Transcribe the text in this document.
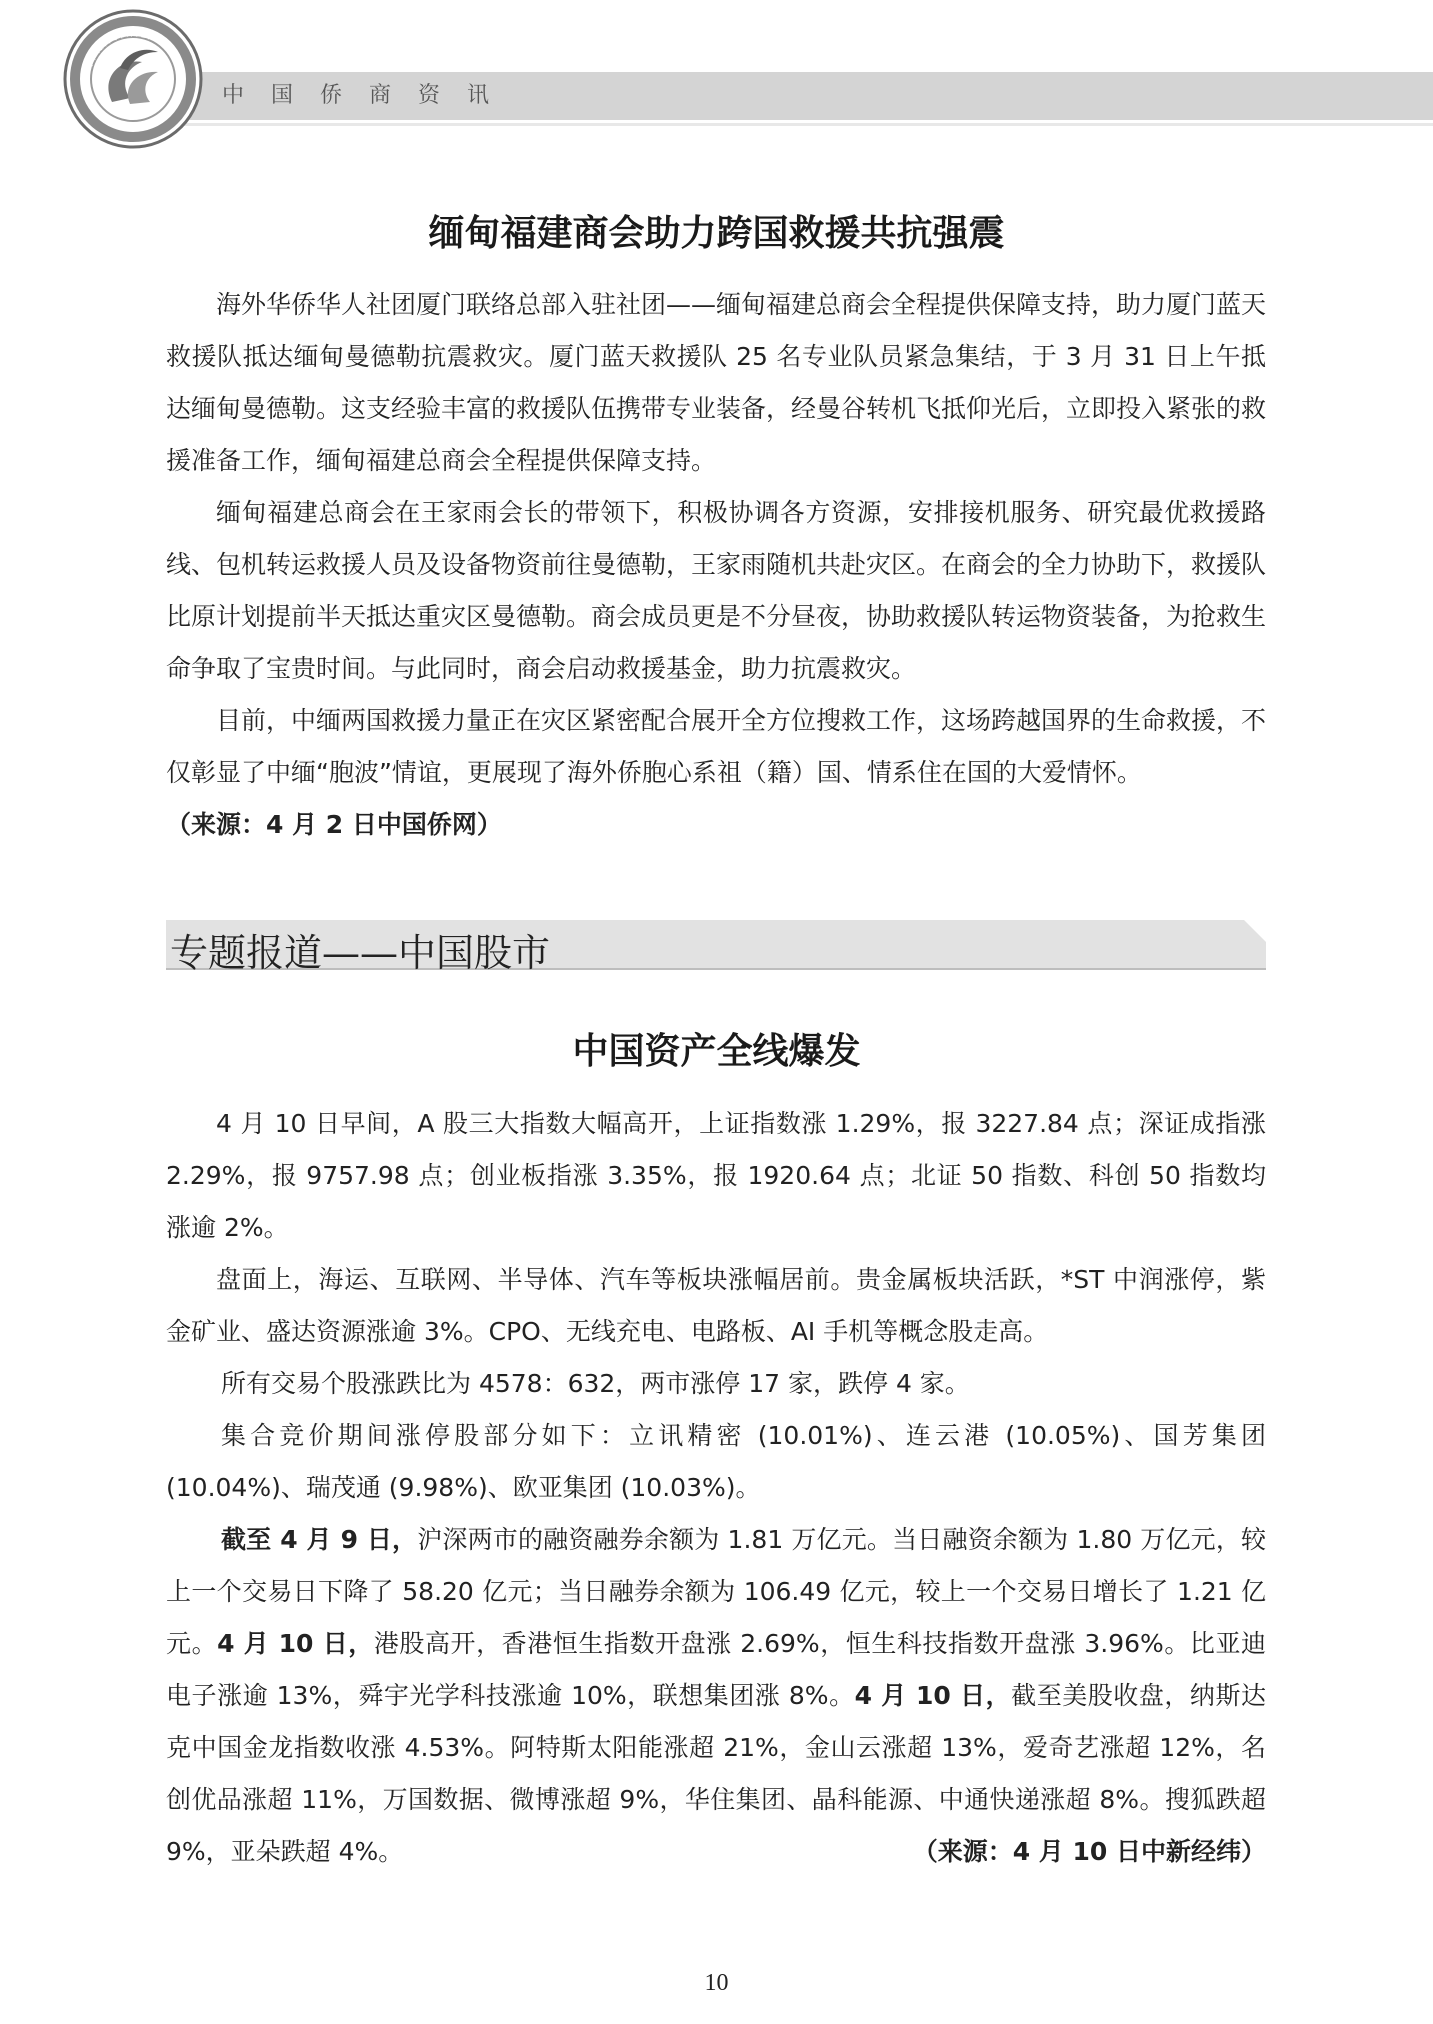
中国侨商资讯
中国侨商联合会
缅甸福建商会助力跨国救援共抗强震

海外华侨华人社团厦门联络总部入驻社团——缅甸福建总商会全程提供保障支持，助力厦门蓝天救援队抵达缅甸曼德勒抗震救灾。厦门蓝天救援队 25 名专业队员紧急集结，于 3 月 31 日上午抵达缅甸曼德勒。这支经验丰富的救援队伍携带专业装备，经曼谷转机飞抵仰光后，立即投入紧张的救援准备工作，缅甸福建总商会全程提供保障支持。

缅甸福建总商会在王家雨会长的带领下，积极协调各方资源，安排接机服务、研究最优救援路线、包机转运救援人员及设备物资前往曼德勒，王家雨随机共赴灾区。在商会的全力协助下，救援队比原计划提前半天抵达重灾区曼德勒。商会成员更是不分昼夜，协助救援队转运物资装备，为抢救生命争取了宝贵时间。与此同时，商会启动救援基金，助力抗震救灾。

目前，中缅两国救援力量正在灾区紧密配合展开全方位搜救工作，这场跨越国界的生命救援，不仅彰显了中缅“胞波”情谊，更展现了海外侨胞心系祖（籍）国、情系住在国的大爱情怀。

（来源：4 月 2 日中国侨网）

专题报道——中国股市
中国资产全线爆发

4 月 10 日早间，A 股三大指数大幅高开，上证指数涨 1.29%，报 3227.84 点；深证成指涨 2.29%，报 9757.98 点；创业板指涨 3.35%，报 1920.64 点；北证 50 指数、科创 50 指数均涨逾 2%。

盘面上，海运、互联网、半导体、汽车等板块涨幅居前。贵金属板块活跃，*ST 中润涨停，紫金矿业、盛达资源涨逾 3%。CPO、无线充电、电路板、AI 手机等概念股走高。

所有交易个股涨跌比为 4578：632，两市涨停 17 家，跌停 4 家。

集合竞价期间涨停股部分如下：立讯精密 (10.01%)、连云港 (10.05%)、国芳集团 (10.04%)、瑞茂通 (9.98%)、欧亚集团 (10.03%)。

截至 4 月 9 日，沪深两市的融资融券余额为 1.81 万亿元。当日融资余额为 1.80 万亿元，较上一个交易日下降了 58.20 亿元；当日融券余额为 106.49 亿元，较上一个交易日增长了 1.21 亿元。4 月 10 日，港股高开，香港恒生指数开盘涨 2.69%，恒生科技指数开盘涨 3.96%。比亚迪电子涨逾 13%，舜宇光学科技涨逾 10%，联想集团涨 8%。4 月 10 日，截至美股收盘，纳斯达克中国金龙指数收涨 4.53%。阿特斯太阳能涨超 21%，金山云涨超 13%，爱奇艺涨超 12%，名创优品涨超 11%，万国数据、微博涨超 9%，华住集团、晶科能源、中通快递涨超 8%。搜狐跌超 9%，亚朵跌超 4%。	（来源：4 月 10 日中新经纬）

10
